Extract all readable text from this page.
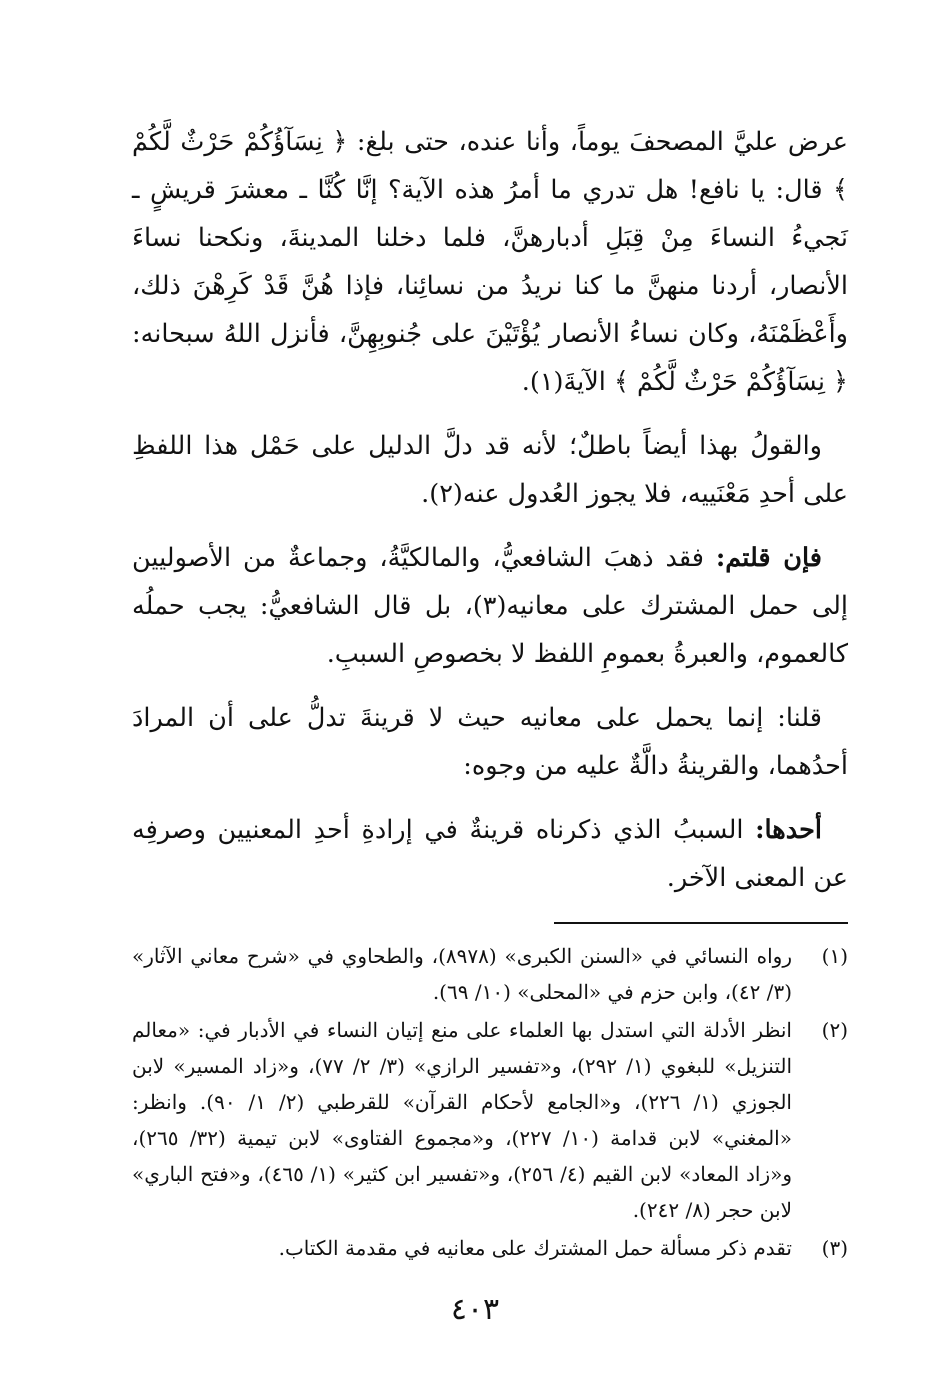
عرض عليَّ المصحفَ يوماً، وأنا عنده، حتى بلغ: ﴿ نِسَآؤُكُمْ حَرْثٌ لَّكُمْ ﴾ قال: يا نافع! هل تدري ما أمرُ هذه الآية؟ إنَّا كُنَّا ـ معشرَ قريشٍ ـ نَجيءُ النساءَ مِنْ قِبَلِ أدبارهنَّ، فلما دخلنا المدينةَ، ونكحنا نساءَ الأنصار، أردنا منهنَّ ما كنا نريدُ من نسائِنا، فإذا هُنَّ قَدْ كَرِهْنَ ذلك، وأَعْظَمْنَهُ، وكان نساءُ الأنصار يُؤْتَيْنَ على جُنوبِهِنَّ، فأنزل اللهُ سبحانه: ﴿ نِسَآؤُكُمْ حَرْثٌ لَّكُمْ ﴾ الآيةَ(١).

والقولُ بهذا أيضاً باطلٌ؛ لأنه قد دلَّ الدليل على حَمْل هذا اللفظِ على أحدِ مَعْنَييه، فلا يجوز العُدول عنه(٢).

فإن قلتم: فقد ذهبَ الشافعيُّ، والمالكيَّةُ، وجماعةٌ من الأصوليين إلى حمل المشترك على معانيه(٣)، بل قال الشافعيُّ: يجب حملُه كالعموم، والعبرةُ بعمومِ اللفظ لا بخصوصِ السببِ.

قلنا: إنما يحمل على معانيه حيث لا قرينةَ تدلُّ على أن المرادَ أحدُهما، والقرينةُ دالَّةٌ عليه من وجوه:

أحدها: السببُ الذي ذكرناه قرينةٌ في إرادةِ أحدِ المعنيين وصرفِه عن المعنى الآخر.

(١)
رواه النسائي في «السنن الكبرى» (٨٩٧٨)، والطحاوي في «شرح معاني الآثار» (٣/ ٤٢)، وابن حزم في «المحلى» (١٠/ ٦٩).
(٢)
انظر الأدلة التي استدل بها العلماء على منع إتيان النساء في الأدبار في: «معالم التنزيل» للبغوي (١/ ٢٩٢)، و«تفسير الرازي» (٣/ ٢/ ٧٧)، و«زاد المسير» لابن الجوزي (١/ ٢٢٦)، و«الجامع لأحكام القرآن» للقرطبي (٢/ ١/ ٩٠). وانظر: «المغني» لابن قدامة (١٠/ ٢٢٧)، و«مجموع الفتاوى» لابن تيمية (٣٢/ ٢٦٥)، و«زاد المعاد» لابن القيم (٤/ ٢٥٦)، و«تفسير ابن كثير» (١/ ٤٦٥)، و«فتح الباري» لابن حجر (٨/ ٢٤٢).
(٣)
تقدم ذكر مسألة حمل المشترك على معانيه في مقدمة الكتاب.
٤٠٣
